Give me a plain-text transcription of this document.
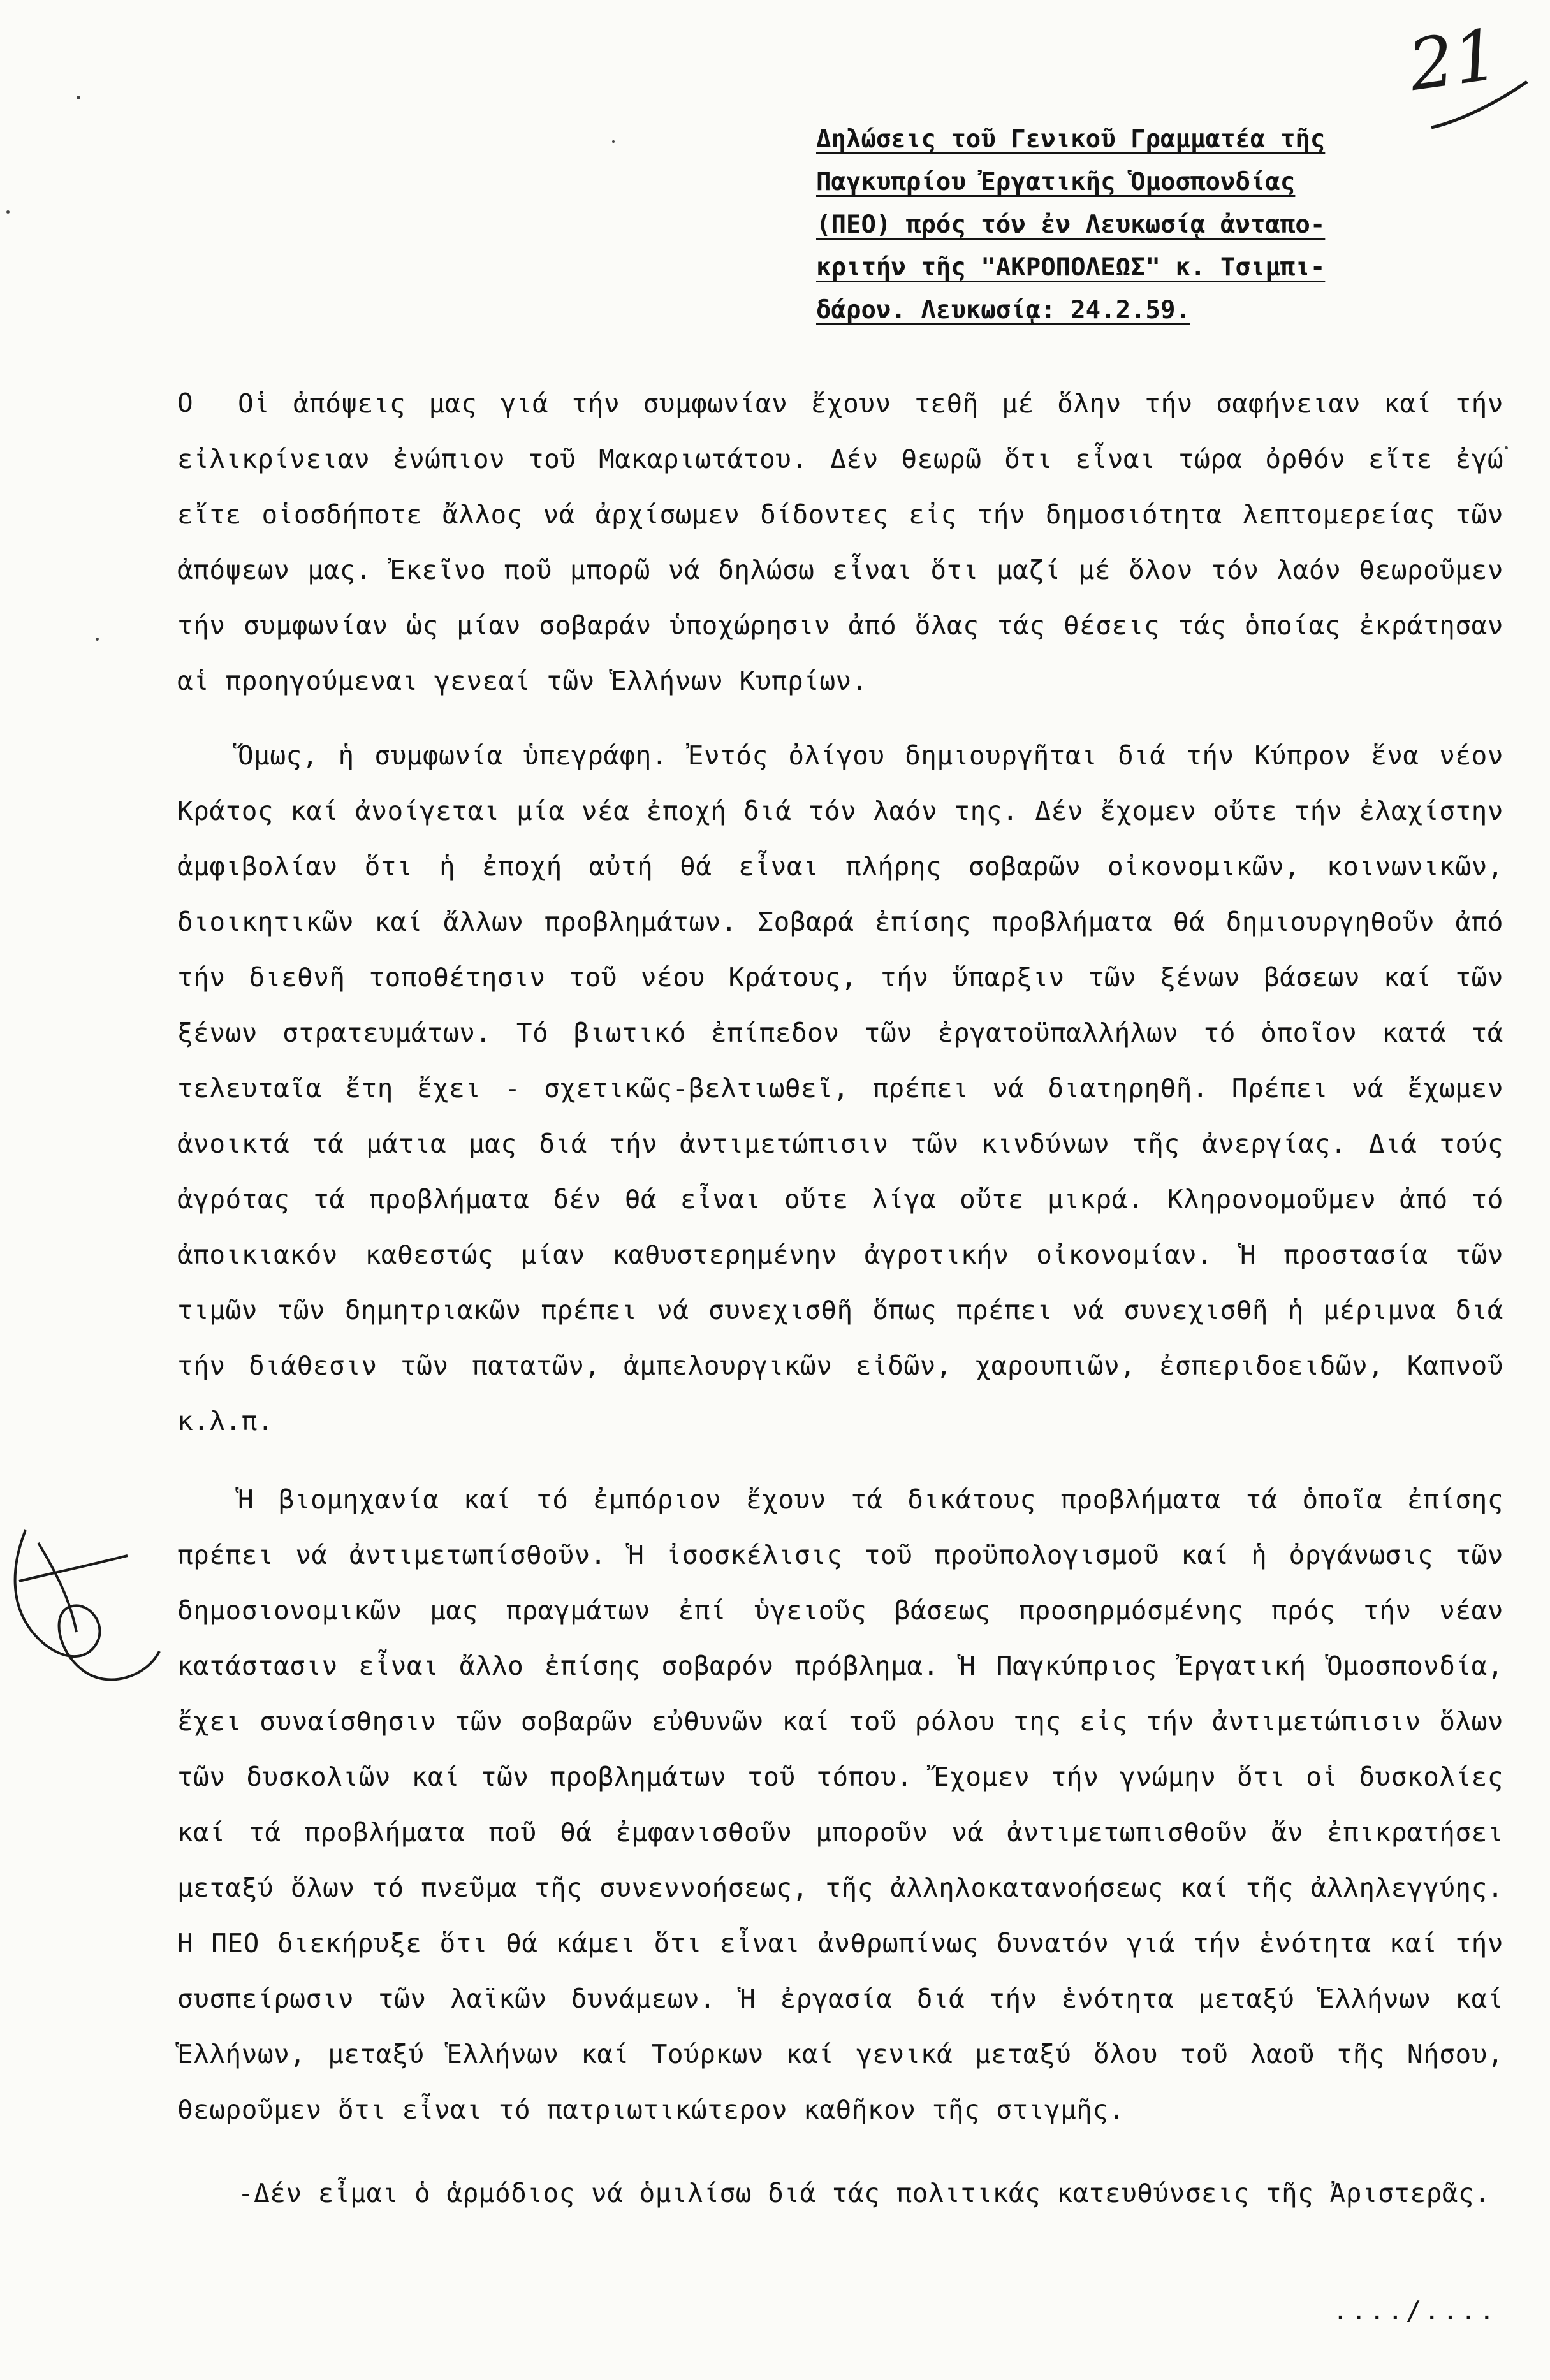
21
Δηλώσεις τοῦ Γενικοῦ Γραμματέα τῆς
Παγκυπρίου Ἐργατικῆς Ὁμοσπονδίας
(ΠΕΟ) πρός τόν ἐν Λευκωσίᾳ ἀνταπο-
κριτήν τῆς "ΑΚΡΟΠΟΛΕΩΣ" κ. Τσιμπι-
δάρον. Λευκωσίᾳ: 24.2.59.
O	Οἱ ἀπόψεις μας γιά τήν συμφωνίαν ἔχουν τεθῆ μέ ὅλην τήν σαφήνειαν καί τήν εἰλικρίνειαν ἐνώπιον τοῦ Μακαριωτάτου. Δέν θεωρῶ ὅτι εἶναι τώρα ὀρθόν εἴτε ἐγώ εἴτε οἱοσδήποτε ἄλλος νά ἀρχίσωμεν δίδοντες εἰς τήν δημοσιότητα λεπτομερείας τῶν ἀπόψεων μας. Ἐκεῖνο ποῦ μπορῶ νά δηλώσω εἶναι ὅτι μαζί μέ ὅλον τόν λαόν θεωροῦμεν τήν συμφωνίαν ὡς μίαν σοβαράν ὑποχώρησιν ἀπό ὅλας τάς θέσεις τάς ὁποίας ἐκράτησαν αἱ προηγούμεναι γενεαί τῶν Ἑλλήνων Κυπρίων.

Ὅμως, ἡ συμφωνία ὑπεγράφη. Ἐντός ὀλίγου δημιουργῆται διά τήν Κύπρον ἕνα νέον Κράτος καί ἀνοίγεται μία νέα ἐποχή διά τόν λαόν της. Δέν ἔχομεν οὔτε τήν ἐλαχίστην ἀμφιβολίαν ὅτι ἡ ἐποχή αὐτή θά εἶναι πλήρης σοβαρῶν οἰκονομικῶν, κοινωνικῶν, διοικητικῶν καί ἄλλων προβλημάτων. Σοβαρά ἐπίσης προβλήματα θά δημιουργηθοῦν ἀπό τήν διεθνῆ τοποθέτησιν τοῦ νέου Κράτους, τήν ὕπαρξιν τῶν ξένων βάσεων καί τῶν ξένων στρατευμάτων. Τό βιωτικό ἐπίπεδον τῶν ἐργατοϋπαλλήλων τό ὁποῖον κατά τά τελευταῖα ἔτη ἔχει - σχετικῶς-βελτιωθεῖ, πρέπει νά διατηρηθῆ. Πρέπει νά ἔχωμεν ἀνοικτά τά μάτια μας διά τήν ἀντιμετώπισιν τῶν κινδύνων τῆς ἀνεργίας. Διά τούς ἀγρότας τά προβλήματα δέν θά εἶναι οὔτε λίγα οὔτε μικρά. Κληρονομοῦμεν ἀπό τό ἀποικιακόν καθεστώς μίαν καθυστερημένην ἀγροτικήν οἰκονομίαν. Ἡ προστασία τῶν τιμῶν τῶν δημητριακῶν πρέπει νά συνεχισθῆ ὅπως πρέπει νά συνεχισθῆ ἡ μέριμνα διά τήν διάθεσιν τῶν πατατῶν, ἀμπελουργικῶν εἰδῶν, χαρουπιῶν, ἐσπεριδοειδῶν, Καπνοῦ κ.λ.π.

Ἡ βιομηχανία καί τό ἐμπόριον ἔχουν τά δικάτους προβλήματα τά ὁποῖα ἐπίσης πρέπει νά ἀντιμετωπίσθοῦν. Ἡ ἰσοσκέλισις τοῦ προϋπολογισμοῦ καί ἡ ὀργάνωσις τῶν δημοσιονομικῶν μας πραγμάτων ἐπί ὑγειοῦς βάσεως προσηρμόσμένης πρός τήν νέαν κατάστασιν εἶναι ἄλλο ἐπίσης σοβαρόν πρόβλημα. Ἡ Παγκύπριος Ἐργατική Ὁμοσπονδία, ἔχει συναίσθησιν τῶν σοβαρῶν εὐθυνῶν καί τοῦ ρόλου της εἰς τήν ἀντιμετώπισιν ὅλων τῶν δυσκολιῶν καί τῶν προβλημάτων τοῦ τόπου. Ἔχομεν τήν γνώμην ὅτι οἱ δυσκολίες καί τά προβλήματα ποῦ θά ἐμφανισθοῦν μποροῦν νά ἀντιμετωπισθοῦν ἄν ἐπικρατήσει μεταξύ ὅλων τό πνεῦμα τῆς συνεννοήσεως, τῆς ἀλληλοκατανοήσεως καί τῆς ἀλληλεγγύης. Η ΠΕΟ διεκήρυξε ὅτι θά κάμει ὅτι εἶναι ἀνθρωπίνως δυνατόν γιά τήν ἑνότητα καί τήν συσπείρωσιν τῶν λαϊκῶν δυνάμεων. Ἡ ἐργασία διά τήν ἑνότητα μεταξύ Ἑλλήνων καί Ἑλλήνων, μεταξύ Ἑλλήνων καί Τούρκων καί γενικά μεταξύ ὅλου τοῦ λαοῦ τῆς Νήσου, θεωροῦμεν ὅτι εἶναι τό πατριωτικώτερον καθῆκον τῆς στιγμῆς.

-Δέν εἶμαι ὁ ἁρμόδιος νά ὁμιλίσω διά τάς πολιτικάς κατευθύνσεις τῆς Ἀριστερᾶς.

..../....
